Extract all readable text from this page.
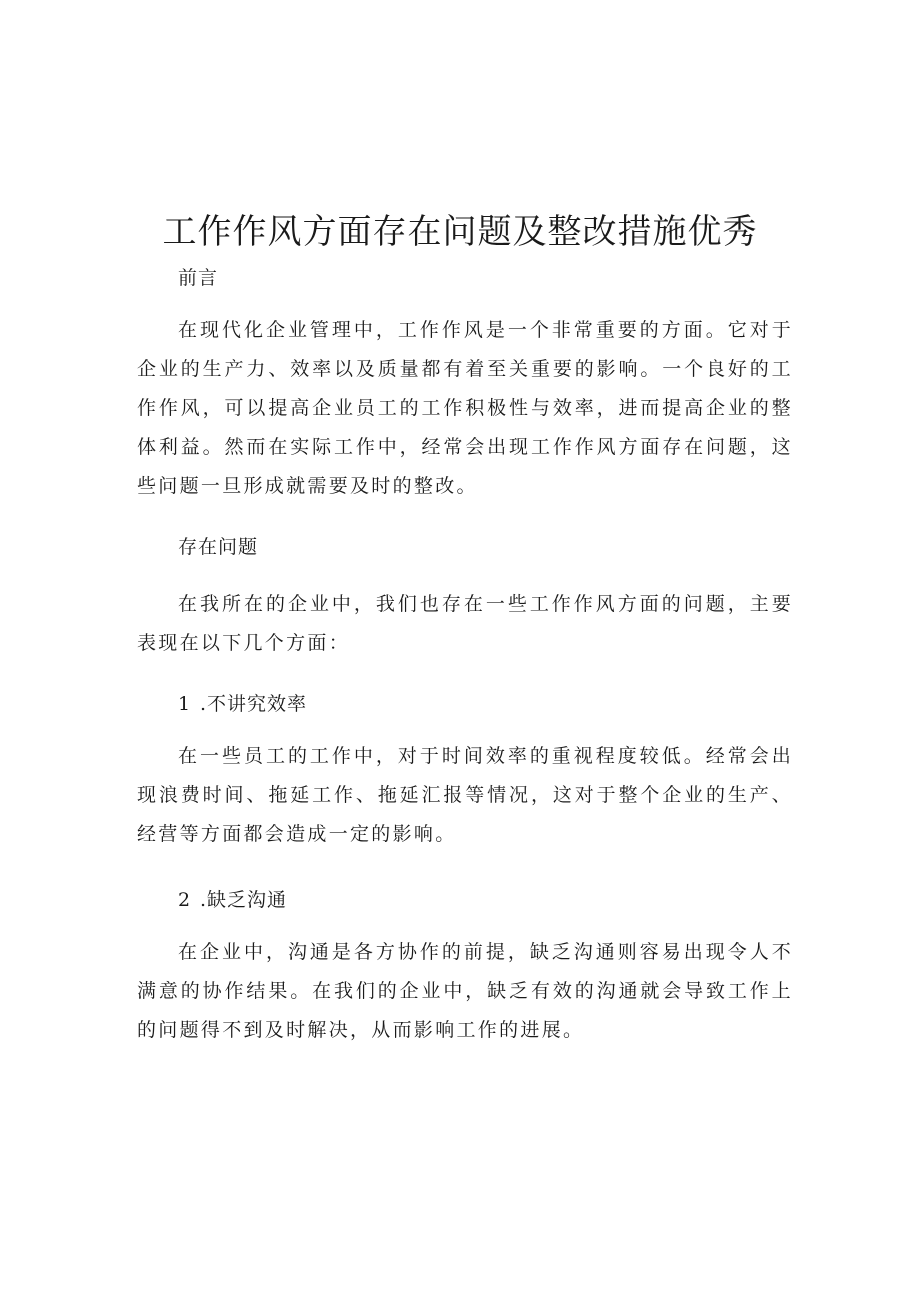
工作作风方面存在问题及整改措施优秀

前言

在现代化企业管理中，工作作风是一个非常重要的方面。它对于企业的生产力、效率以及质量都有着至关重要的影响。一个良好的工作作风，可以提高企业员工的工作积极性与效率，进而提高企业的整体利益。然而在实际工作中，经常会出现工作作风方面存在问题，这些问题一旦形成就需要及时的整改。

存在问题

在我所在的企业中，我们也存在一些工作作风方面的问题，主要表现在以下几个方面：

1 .不讲究效率

在一些员工的工作中，对于时间效率的重视程度较低。经常会出现浪费时间、拖延工作、拖延汇报等情况，这对于整个企业的生产、经营等方面都会造成一定的影响。

2 .缺乏沟通

在企业中，沟通是各方协作的前提，缺乏沟通则容易出现令人不满意的协作结果。在我们的企业中，缺乏有效的沟通就会导致工作上的问题得不到及时解决，从而影响工作的进展。
